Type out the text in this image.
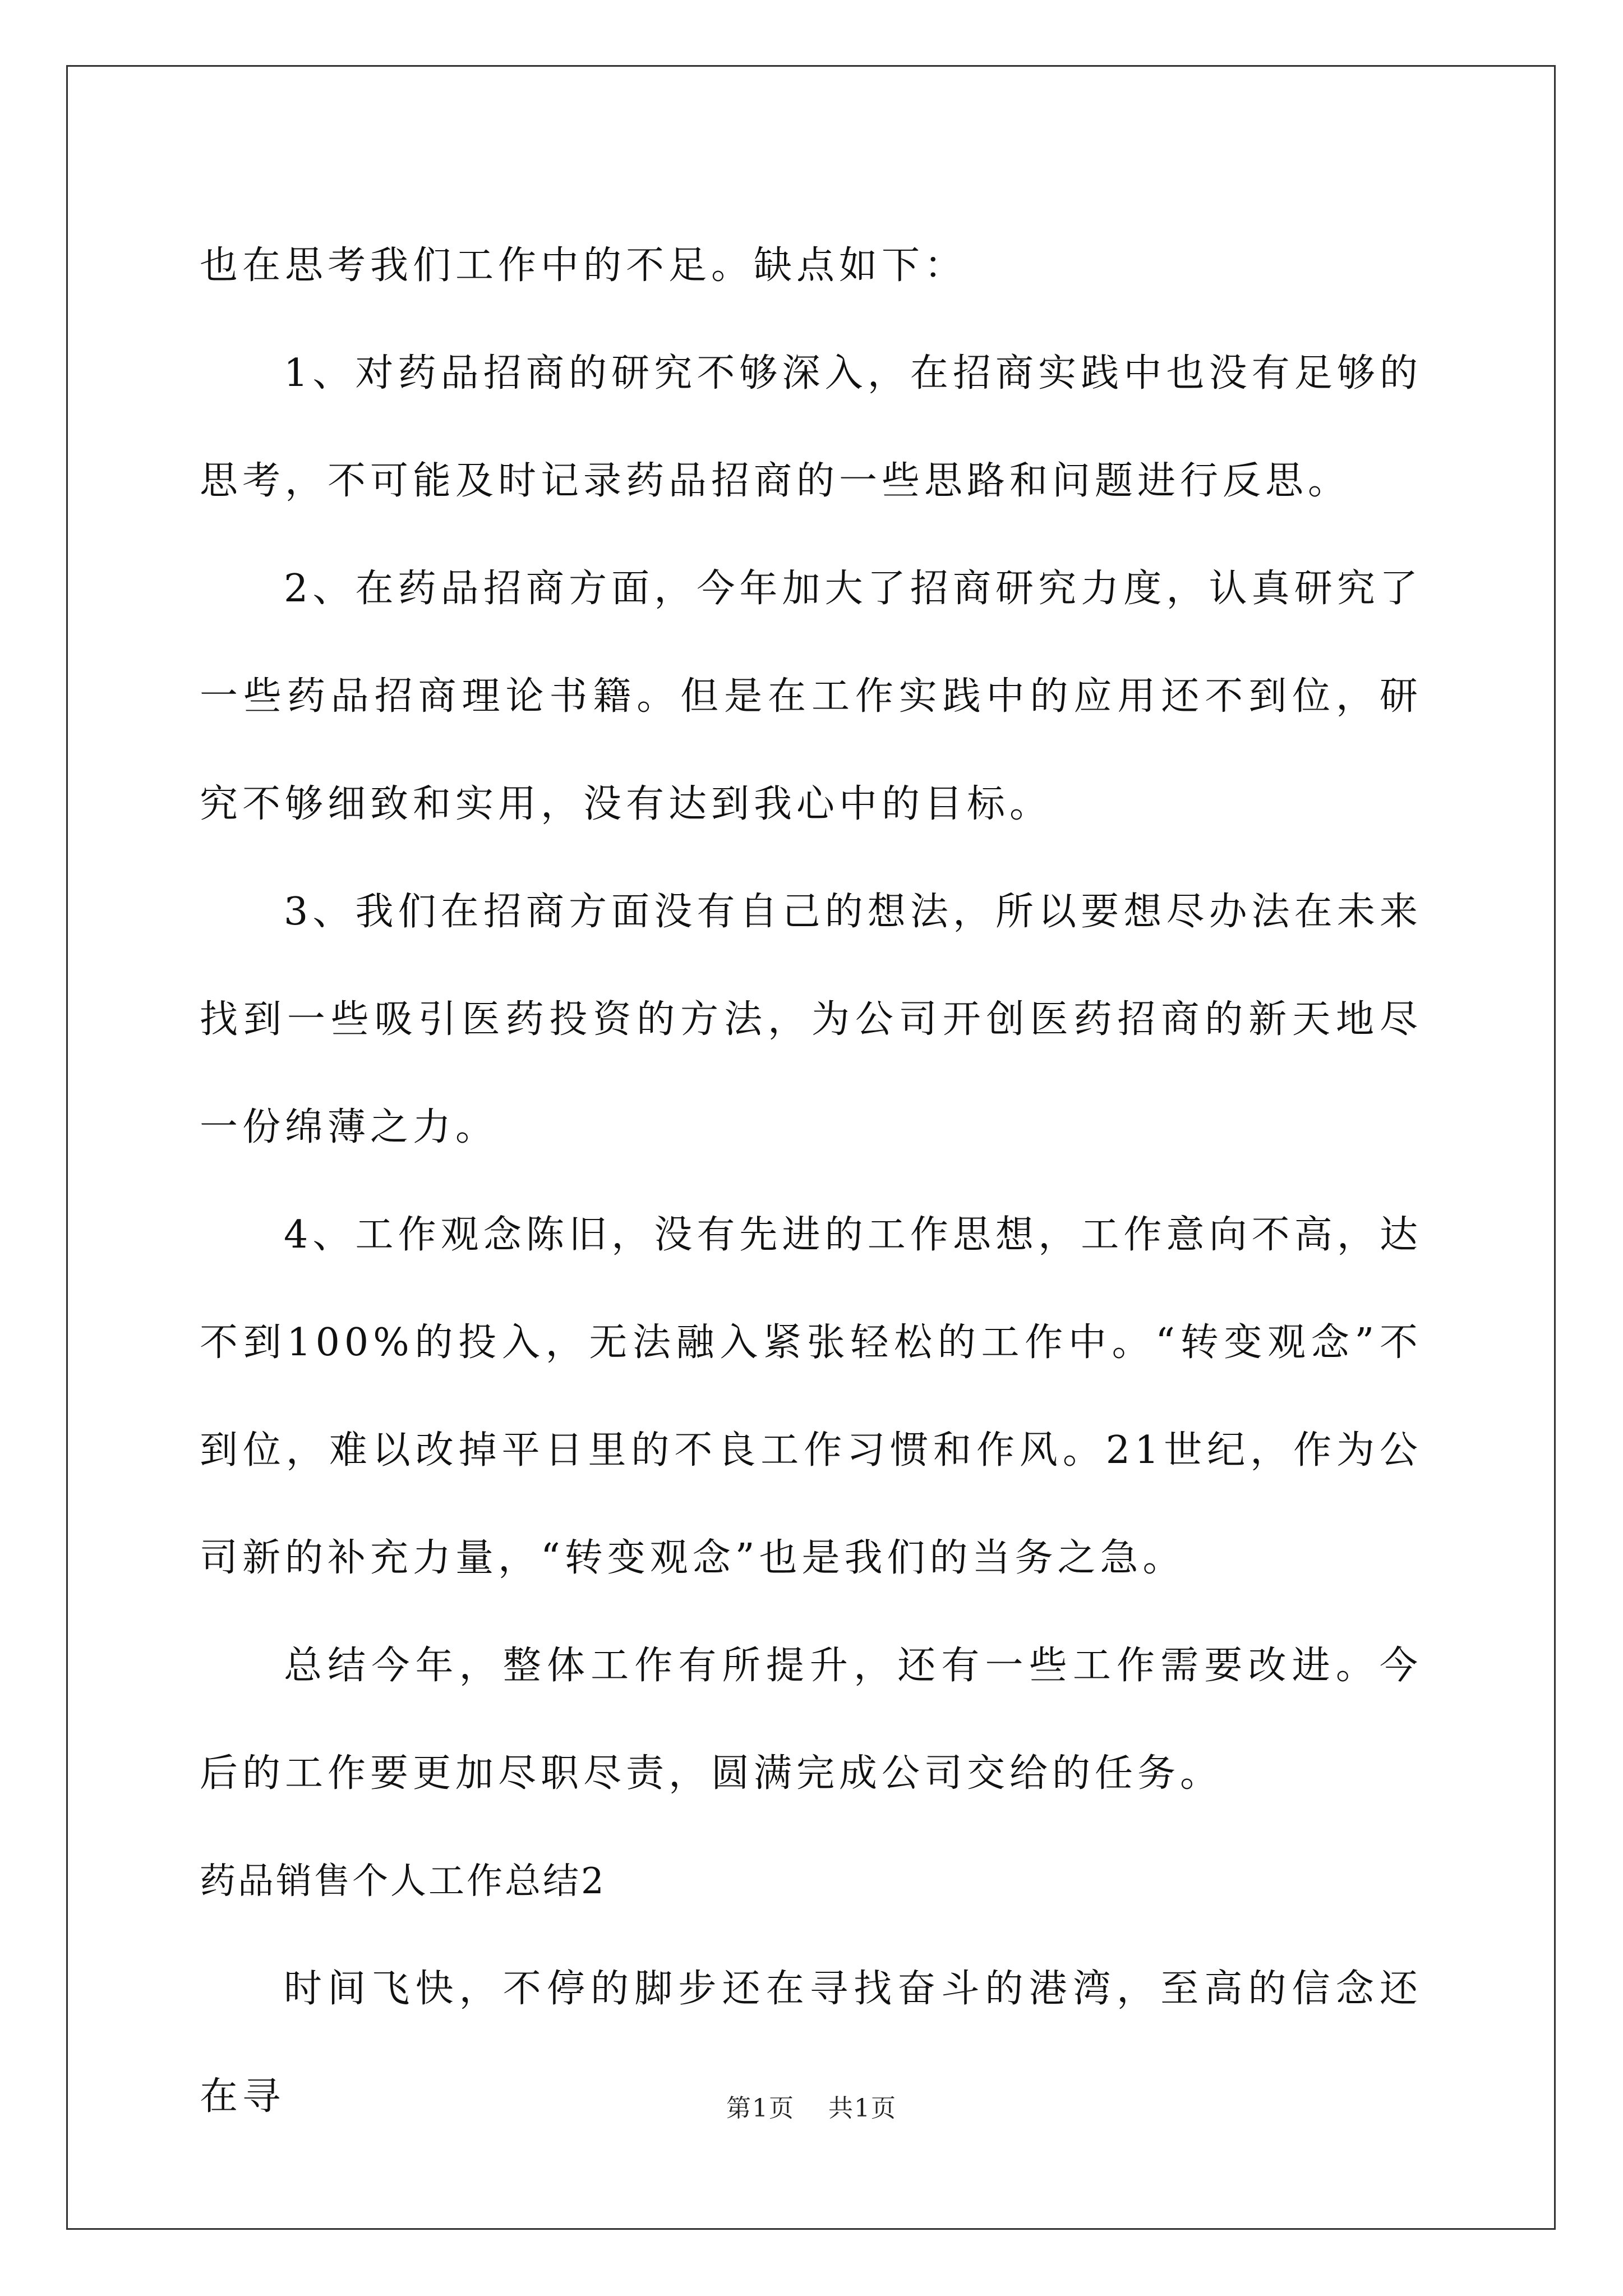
也在思考我们工作中的不足。缺点如下：

1、对药品招商的研究不够深入，在招商实践中也没有足够的思考，不可能及时记录药品招商的一些思路和问题进行反思。

2、在药品招商方面，今年加大了招商研究力度，认真研究了一些药品招商理论书籍。但是在工作实践中的应用还不到位，研究不够细致和实用，没有达到我心中的目标。

3、我们在招商方面没有自己的想法，所以要想尽办法在未来找到一些吸引医药投资的方法，为公司开创医药招商的新天地尽一份绵薄之力。

4、工作观念陈旧，没有先进的工作思想，工作意向不高，达不到100%的投入，无法融入紧张轻松的工作中。“转变观念”不到位，难以改掉平日里的不良工作习惯和作风。21世纪，作为公司新的补充力量，“转变观念”也是我们的当务之急。

总结今年，整体工作有所提升，还有一些工作需要改进。今后的工作要更加尽职尽责，圆满完成公司交给的任务。

药品销售个人工作总结2

时间飞快，不停的脚步还在寻找奋斗的港湾，至高的信念还在寻	第1页 共1页
